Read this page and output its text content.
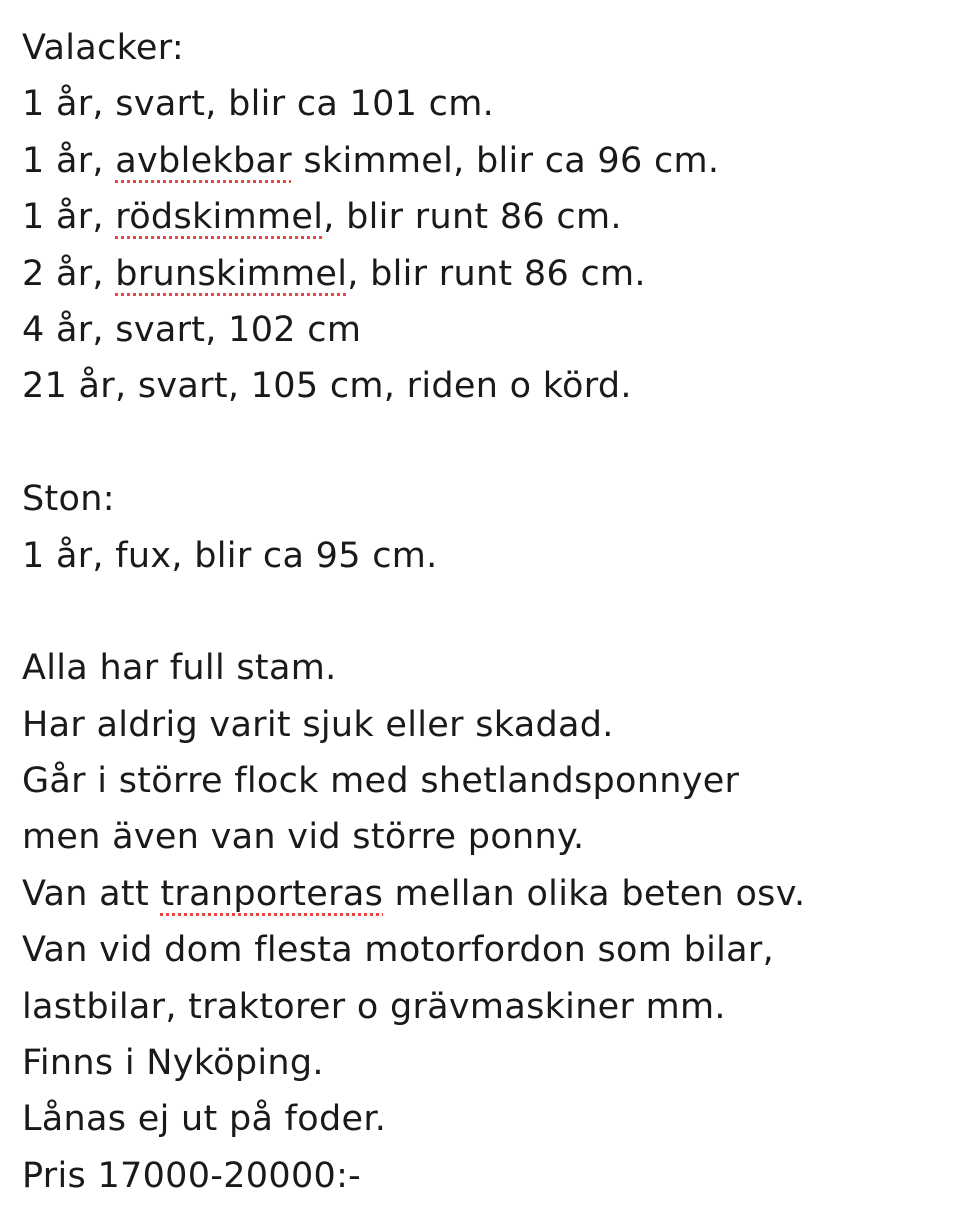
Valacker:
1 år, svart, blir ca 101 cm.
1 år, avblekbar skimmel, blir ca 96 cm.
1 år, rödskimmel, blir runt 86 cm.
2 år, brunskimmel, blir runt 86 cm.
4 år, svart, 102 cm
21 år, svart, 105 cm, riden o körd.
Ston:
1 år, fux, blir ca 95 cm.
Alla har full stam.
Har aldrig varit sjuk eller skadad.
Går i större flock med shetlandsponnyer
men även van vid större ponny.
Van att tranporteras mellan olika beten osv.
Van vid dom flesta motorfordon som bilar,
lastbilar, traktorer o grävmaskiner mm.
Finns i Nyköping.
Lånas ej ut på foder.
Pris 17000-20000:-
